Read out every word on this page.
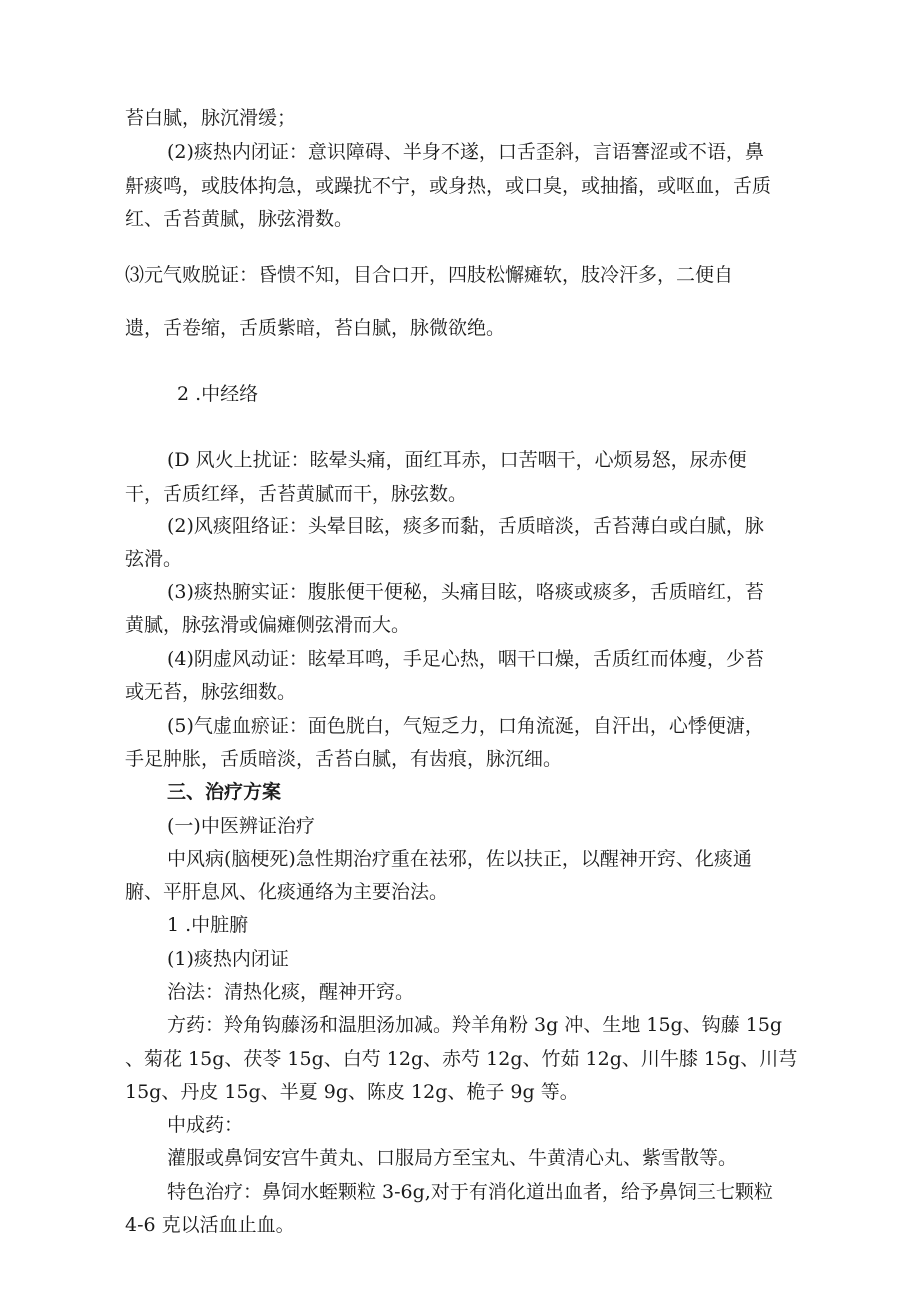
苔白腻，脉沉滑缓；
(2)痰热内闭证：意识障碍、半身不遂，口舌歪斜，言语謇涩或不语，鼻
鼾痰鸣，或肢体拘急，或躁扰不宁，或身热，或口臭，或抽搐，或呕血，舌质
红、舌苔黄腻，脉弦滑数。
⑶元气败脱证：昏愦不知，目合口开，四肢松懈瘫软，肢冷汗多，二便自
遗，舌卷缩，舌质紫暗，苔白腻，脉微欲绝。
2 .中经络
(D 风火上扰证：眩晕头痛，面红耳赤，口苦咽干，心烦易怒，尿赤便
干，舌质红绎，舌苔黄腻而干，脉弦数。
(2)风痰阻络证：头晕目眩，痰多而黏，舌质暗淡，舌苔薄白或白腻，脉
弦滑。
(3)痰热腑实证：腹胀便干便秘，头痛目眩，咯痰或痰多，舌质暗红，苔
黄腻，脉弦滑或偏瘫侧弦滑而大。
(4)阴虚风动证：眩晕耳鸣，手足心热，咽干口燥，舌质红而体瘦，少苔
或无苔，脉弦细数。
(5)气虚血瘀证：面色胱白，气短乏力，口角流涎，自汗出，心悸便溏，
手足肿胀，舌质暗淡，舌苔白腻，有齿痕，脉沉细。
三、治疗方案
(一)中医辨证治疗
中风病(脑梗死)急性期治疗重在祛邪，佐以扶正，以醒神开窍、化痰通
腑、平肝息风、化痰通络为主要治法。
1 .中脏腑
(1)痰热内闭证
治法：清热化痰，醒神开窍。
方药：羚角钩藤汤和温胆汤加减。羚羊角粉 3g 冲、生地 15g、钩藤 15g
、菊花 15g、茯苓 15g、白芍 12g、赤芍 12g、竹茹 12g、川牛膝 15g、川芎
15g、丹皮 15g、半夏 9g、陈皮 12g、桅子 9g 等。
中成药：
灌服或鼻饲安宫牛黄丸、口服局方至宝丸、牛黄清心丸、紫雪散等。
特色治疗：鼻饲水蛭颗粒 3-6g,对于有消化道出血者，给予鼻饲三七颗粒
4-6 克以活血止血。
